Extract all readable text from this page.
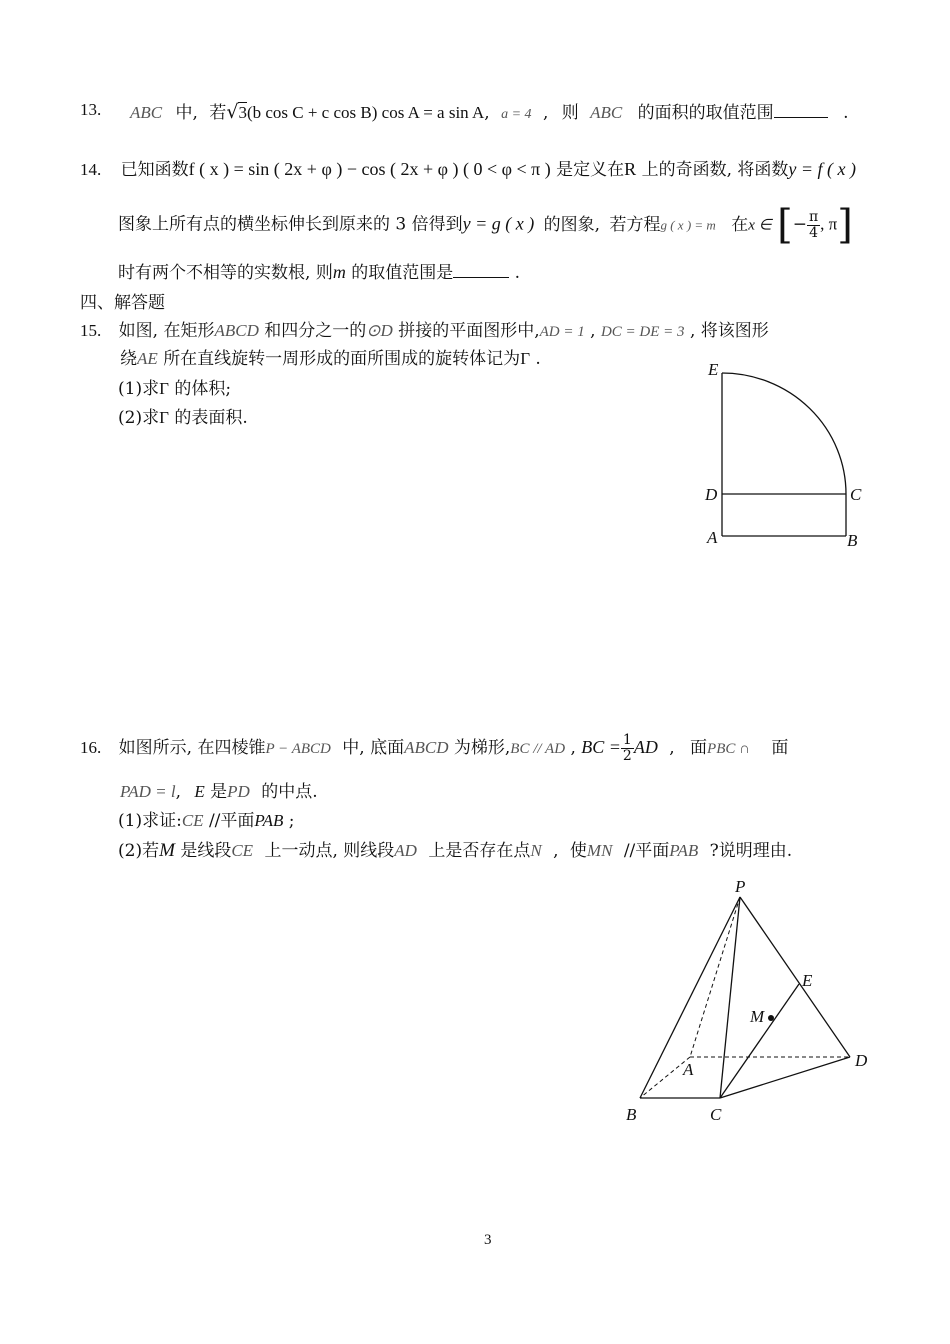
13. ABC 中, 若√3(b cos C + c cos B) cos A = a sin A, a = 4 , 则 ABC 的面积的取值范围	.
14. 已知函数f ( x ) = sin ( 2x + φ ) − cos ( 2x + φ ) ( 0 < φ < π ) 是定义在R 上的奇函数, 将函数y = f ( x )
图象上所有点的横坐标伸长到原来的 3 倍得到y = g ( x ) 的图象, 若方程g ( x ) = m 在x ∈ [− $\frac{\pi}{4}$ , π]
时有两个不相等的实数根, 则m 的取值范围是	.
四、解答题
15. 如图, 在矩形ABCD 和四分之一的⊙D 拼接的平面图形中,AD = 1 , DC = DE = 3 , 将该图形
绕AE 所在直线旋转一周形成的面所围成的旋转体记为Γ .
(1)求Γ 的体积;
(2)求Γ 的表面积.
E
D	C
A	B
16. 如图所示, 在四棱锥P − ABCD 中, 底面ABCD 为梯形,BC // AD , BC = $\frac{1}{2}$ AD , 面PBC ∩ 面
PAD = l, E 是PD 的中点.
(1)求证:CE //平面PAB ;
(2)若M 是线段CE 上一动点, 则线段AD 上是否存在点N , 使MN //平面PAB ?说明理由.
P
E
M
A	D
B	C
3
